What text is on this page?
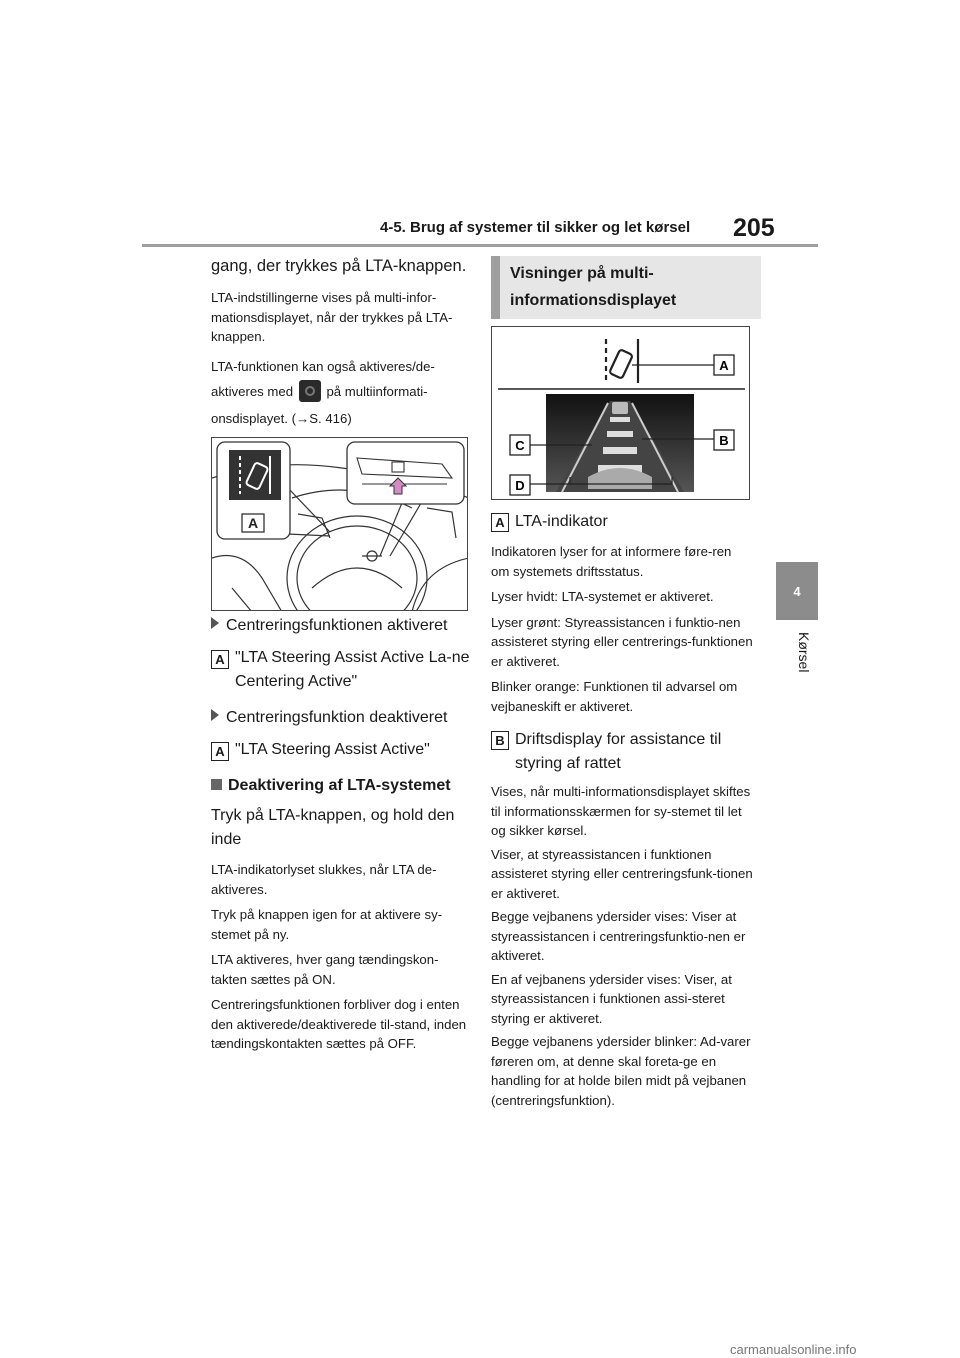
4-5. Brug af systemer til sikker og let kørsel 205
4
Kørsel

gang, der trykkes på LTA-knappen.

LTA-indstillingerne vises på multi-infor-mationsdisplayet, når der trykkes på LTA-knappen.

LTA-funktionen kan også aktiveres/de-

aktiveres med	på multiinformati-

onsdisplayet. (→S. 416)

A

Centreringsfunktionen aktiveret

A "LTA Steering Assist Active La-ne Centering Active"

Centreringsfunktion deaktiveret

A "LTA Steering Assist Active"

Deaktivering af LTA-systemet

Tryk på LTA-knappen, og hold den inde

LTA-indikatorlyset slukkes, når LTA de-aktiveres.

Tryk på knappen igen for at aktivere sy-stemet på ny.

LTA aktiveres, hver gang tændingskon-takten sættes på ON.

Centreringsfunktionen forbliver dog i enten den aktiverede/deaktiverede til-stand, inden tændingskontakten sættes på OFF.

Visninger på multi-informationsdisplayet
A
B
C
D
A LTA-indikator

Indikatoren lyser for at informere føre-ren om systemets driftsstatus.

Lyser hvidt: LTA-systemet er aktiveret.

Lyser grønt: Styreassistancen i funktio-nen assisteret styring eller centrerings-funktionen er aktiveret.

Blinker orange: Funktionen til advarsel om vejbaneskift er aktiveret.

B Driftsdisplay for assistance til styring af rattet

Vises, når multi-informationsdisplayet skiftes til informationsskærmen for sy-stemet til let og sikker kørsel.

Viser, at styreassistancen i funktionen assisteret styring eller centreringsfunk-tionen er aktiveret.

Begge vejbanens ydersider vises: Viser at styreassistancen i centreringsfunktio-nen er aktiveret.

En af vejbanens ydersider vises: Viser, at styreassistancen i funktionen assi-steret styring er aktiveret.

Begge vejbanens ydersider blinker: Ad-varer føreren om, at denne skal foreta-ge en handling for at holde bilen midt på vejbanen (centreringsfunktion).

carmanualsonline.info
